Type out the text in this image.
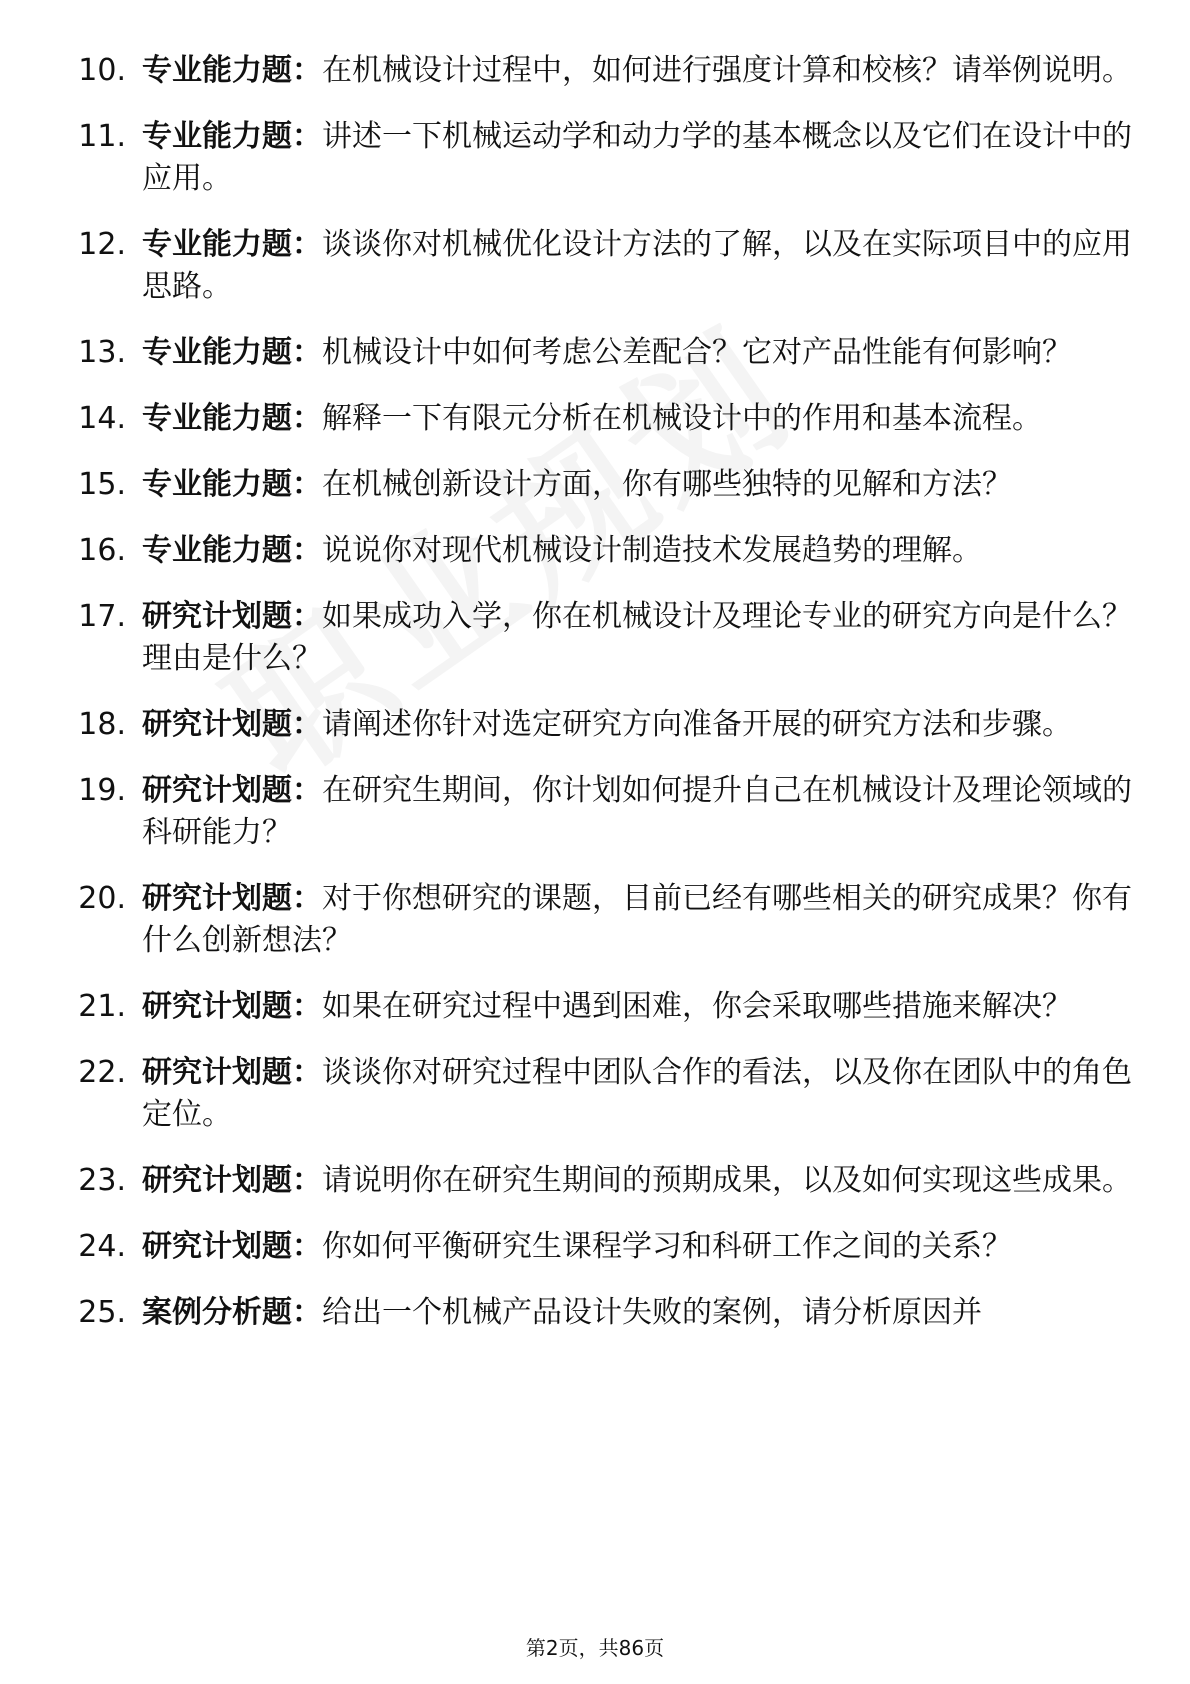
10. 专业能力题：在机械设计过程中，如何进行强度计算和校核？请举例说明。
11. 专业能力题：讲述一下机械运动学和动力学的基本概念以及它们在设计中的应用。
12. 专业能力题：谈谈你对机械优化设计方法的了解，以及在实际项目中的应用思路。
13. 专业能力题：机械设计中如何考虑公差配合？它对产品性能有何影响？
14. 专业能力题：解释一下有限元分析在机械设计中的作用和基本流程。
15. 专业能力题：在机械创新设计方面，你有哪些独特的见解和方法？
16. 专业能力题：说说你对现代机械设计制造技术发展趋势的理解。
17. 研究计划题：如果成功入学，你在机械设计及理论专业的研究方向是什么？理由是什么？
18. 研究计划题：请阐述你针对选定研究方向准备开展的研究方法和步骤。
19. 研究计划题：在研究生期间，你计划如何提升自己在机械设计及理论领域的科研能力？
20. 研究计划题：对于你想研究的课题，目前已经有哪些相关的研究成果？你有什么创新想法？
21. 研究计划题：如果在研究过程中遇到困难，你会采取哪些措施来解决？
22. 研究计划题：谈谈你对研究过程中团队合作的看法，以及你在团队中的角色定位。
23. 研究计划题：请说明你在研究生期间的预期成果，以及如何实现这些成果。
24. 研究计划题：你如何平衡研究生课程学习和科研工作之间的关系？
25. 案例分析题：给出一个机械产品设计失败的案例，请分析原因并
第2页，共86页
